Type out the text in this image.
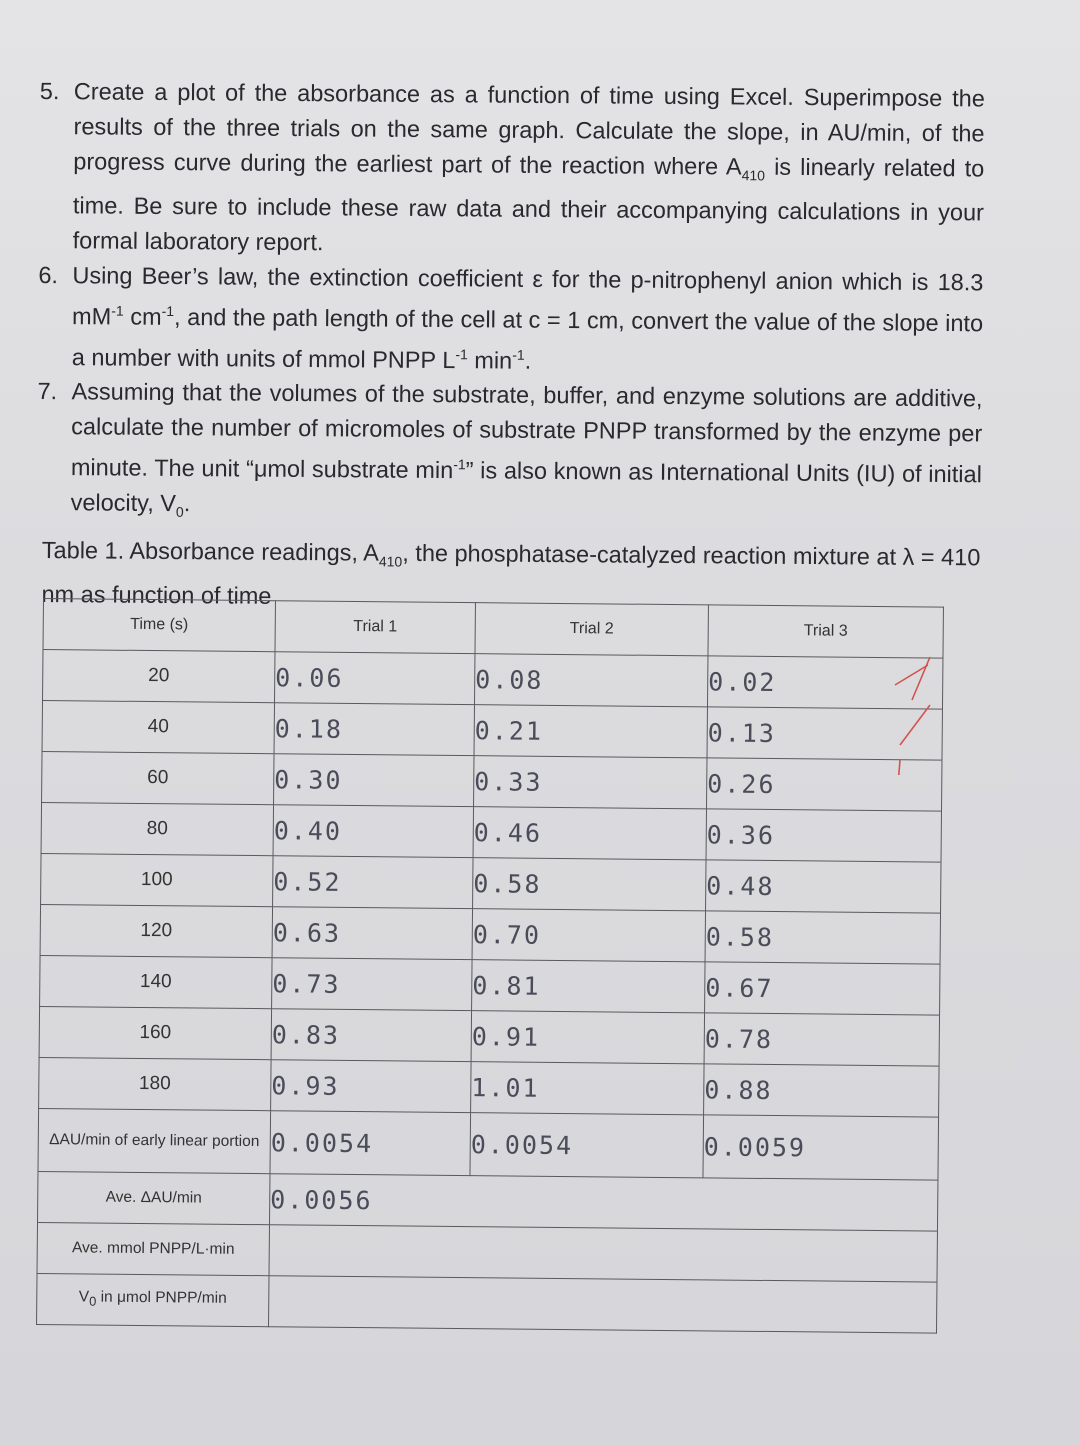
5. Create a plot of the absorbance as a function of time using Excel. Superimpose the results of the three trials on the same graph. Calculate the slope, in AU/min, of the progress curve during the earliest part of the reaction where $A_{410}$ is linearly related to time. Be sure to include these raw data and their accompanying calculations in your formal laboratory report.

6. Using Beer’s law, the extinction coefficient ε for the p-nitrophenyl anion which is 18.3 $mM^{-1}$ $cm^{-1}$, and the path length of the cell at c = 1 cm, convert the value of the slope into a number with units of mmol PNPP $L^{-1}$ $\min^{-1}$.

7. Assuming that the volumes of the substrate, buffer, and enzyme solutions are additive, calculate the number of micromoles of substrate PNPP transformed by the enzyme per minute. The unit “μmol substrate $\min^{-1}$” is also known as International Units (IU) of initial velocity, $V_0$.

Table 1. Absorbance readings, $A_{410}$, the phosphatase-catalyzed reaction mixture at λ = 410 nm as function of time
Time (s)	Trial 1	Trial 2	Trial 3
20	0.06	0.08	0.02
40	0.18	0.21	0.13
60	0.30	0.33	0.26
80	0.40	0.46	0.36
100	0.52	0.58	0.48
120	0.63	0.70	0.58
140	0.73	0.81	0.67
160	0.83	0.91	0.78
180	0.93	1.01	0.88
ΔAU/min of early linear portion	0.0054	0.0054	0.0059
Ave. ΔAU/min	0.0056		
Ave. mmol PNPP/L·min			
$V_0$ in μmol PNPP/min			
